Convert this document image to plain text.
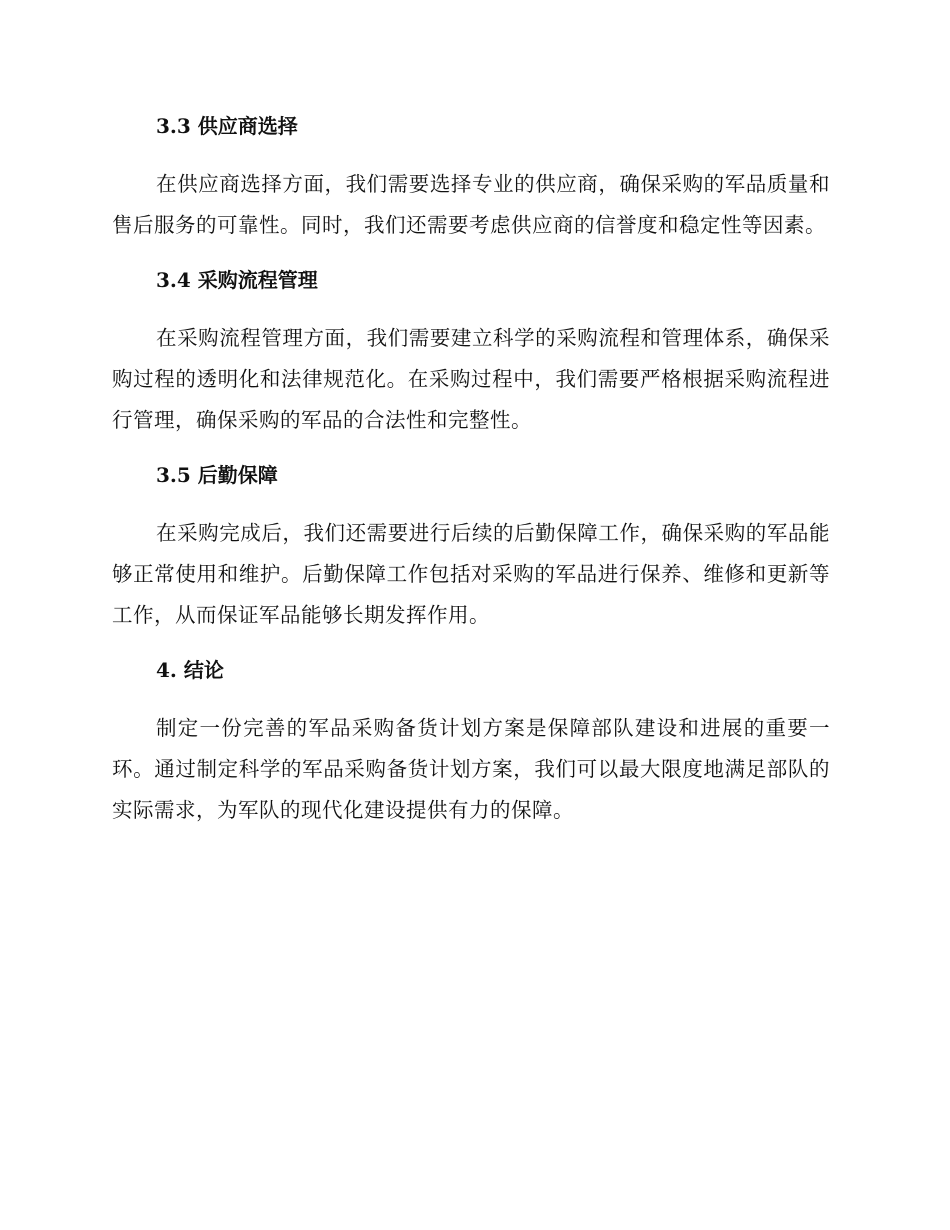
3.3 供应商选择

在供应商选择方面，我们需要选择专业的供应商，确保采购的军品质量和售后服务的可靠性。同时，我们还需要考虑供应商的信誉度和稳定性等因素。

3.4 采购流程管理

在采购流程管理方面，我们需要建立科学的采购流程和管理体系，确保采购过程的透明化和法律规范化。在采购过程中，我们需要严格根据采购流程进行管理，确保采购的军品的合法性和完整性。

3.5 后勤保障

在采购完成后，我们还需要进行后续的后勤保障工作，确保采购的军品能够正常使用和维护。后勤保障工作包括对采购的军品进行保养、维修和更新等工作，从而保证军品能够长期发挥作用。

4. 结论

制定一份完善的军品采购备货计划方案是保障部队建设和进展的重要一环。通过制定科学的军品采购备货计划方案，我们可以最大限度地满足部队的实际需求，为军队的现代化建设提供有力的保障。
